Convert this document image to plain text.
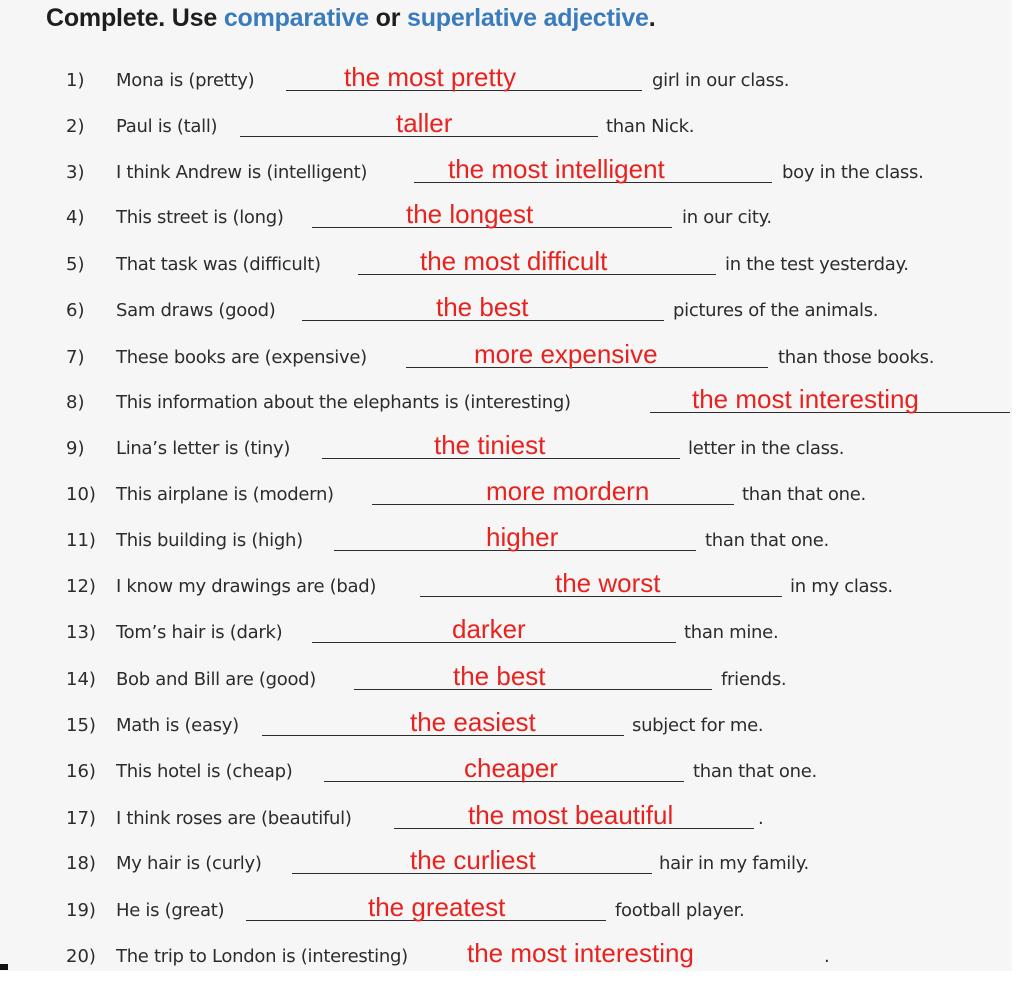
Complete. Use comparative or superlative adjective.
1) Mona is (pretty)	the most pretty	girl in our class.
2) Paul is (tall)	taller	than Nick.
3) I think Andrew is (intelligent)	the most intelligent	boy in the class.
4) This street is (long)	the longest	in our city.
5) That task was (difficult)	the most difficult	in the test yesterday.
6) Sam draws (good)	the best	pictures of the animals.
7) These books are (expensive)	more expensive	than those books.
8) This information about the elephants is (interesting)	the most interesting
9) Lina’s letter is (tiny)	the tiniest	letter in the class.
10) This airplane is (modern)	more mordern	than that one.
11) This building is (high)	higher	than that one.
12) I know my drawings are (bad)	the worst	in my class.
13) Tom’s hair is (dark)	darker	than mine.
14) Bob and Bill are (good)	the best	friends.
15) Math is (easy)	the easiest	subject for me.
16) This hotel is (cheap)	cheaper	than that one.
17) I think roses are (beautiful)	the most beautiful	.
18) My hair is (curly)	the curliest	hair in my family.
19) He is (great)	the greatest	football player.
20) The trip to London is (interesting) the most interesting	.
